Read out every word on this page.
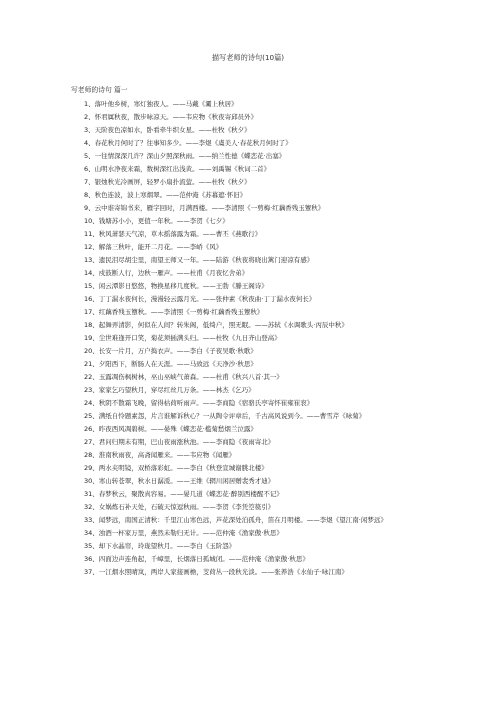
描写老师的诗句(10篇)
写老师的诗句 篇一
1、落叶他乡树，寒灯独夜人。——马戴《灞上秋居》
2、怀君属秋夜，散步咏凉天。——韦应物《秋夜寄邱员外》
3、天阶夜色凉如水，卧看牵牛织女星。——杜牧《秋夕》
4、春花秋月何时了？往事知多少。——李煜《虞美人·春花秋月何时了》
5、一往情深深几许？深山夕照深秋雨。——纳兰性德《蝶恋花·出塞》
6、山明水净夜来霜，数树深红出浅黄。——刘禹锡《秋词二首》
7、银烛秋光冷画屏，轻罗小扇扑流萤。——杜牧《秋夕》
8、秋色连波，波上寒烟翠。——范仲淹《苏幕遮·怀旧》
9、云中谁寄锦书来，雁字回时，月满西楼。——李清照《一剪梅·红藕香残玉簟秋》
10、钱塘苏小小，更值一年秋。——李贺《七夕》
11、秋风萧瑟天气凉，草木摇落露为霜。——曹丕《燕歌行》
12、解落三秋叶，能开二月花。——李峤《风》
13、遗民泪尽胡尘里，南望王师又一年。——陆游《秋夜将晓出篱门迎凉有感》
14、戍鼓断人行，边秋一雁声。——杜甫《月夜忆舍弟》
15、闲云潭影日悠悠，物换星移几度秋。——王勃《滕王阁诗》
16、丁丁漏水夜何长，漫漫轻云露月光。——张仲素《秋夜曲·丁丁漏水夜何长》
17、红藕香残玉簟秋。——李清照《一剪梅·红藕香残玉簟秋》
18、起舞弄清影，何似在人间？转朱阁，低绮户，照无眠。——苏轼《水调歌头·丙辰中秋》
19、尘世难逢开口笑，菊花须插满头归。——杜牧《九日齐山登高》
20、长安一片月，万户捣衣声。——李白《子夜吴歌·秋歌》
21、夕阳西下，断肠人在天涯。——马致远《天净沙·秋思》
22、玉露凋伤枫树林，巫山巫峡气萧森。——杜甫《秋兴八首·其一》
23、家家乞巧望秋月，穿尽红丝几万条。——林杰《乞巧》
24、秋阴不散霜飞晚，留得枯荷听雨声。——李商隐《宿骆氏亭寄怀崔雍崔衮》
25、满纸自怜题素怨，片言谁解诉秋心？一从陶令评章后，千古高风说到今。——曹雪芹《咏菊》
26、昨夜西风凋碧树。——晏殊《蝶恋花·槛菊愁烟兰泣露》
27、君问归期未有期，巴山夜雨涨秋池。——李商隐《夜雨寄北》
28、淮南秋雨夜，高斋闻雁来。——韦应物《闻雁》
29、两水夹明镜，双桥落彩虹。——李白《秋登宣城谢朓北楼》
30、寒山转苍翠，秋水日潺湲。——王维《辋川闲居赠裴秀才迪》
31、春梦秋云，聚散真容易。——晏几道《蝶恋花·醉别西楼醒不记》
32、女娲炼石补天处，石破天惊逗秋雨。——李贺《李凭箜篌引》
33、闻梦远，南国正清秋：千里江山寒色远，芦花深处泊孤舟，笛在月明楼。——李煜《望江南·闲梦远》
34、浊酒一杯家万里，燕然未勒归无计。——范仲淹《渔家傲·秋思》
35、却下水晶帘，玲珑望秋月。——李白《玉阶怨》
36、四面边声连角起，千嶂里，长烟落日孤城闭。——范仲淹《渔家傲·秋思》
37、一江烟水照晴岚，两岸人家接画檐，芰荷丛一段秋光淡。——张养浩《水仙子·咏江南》
